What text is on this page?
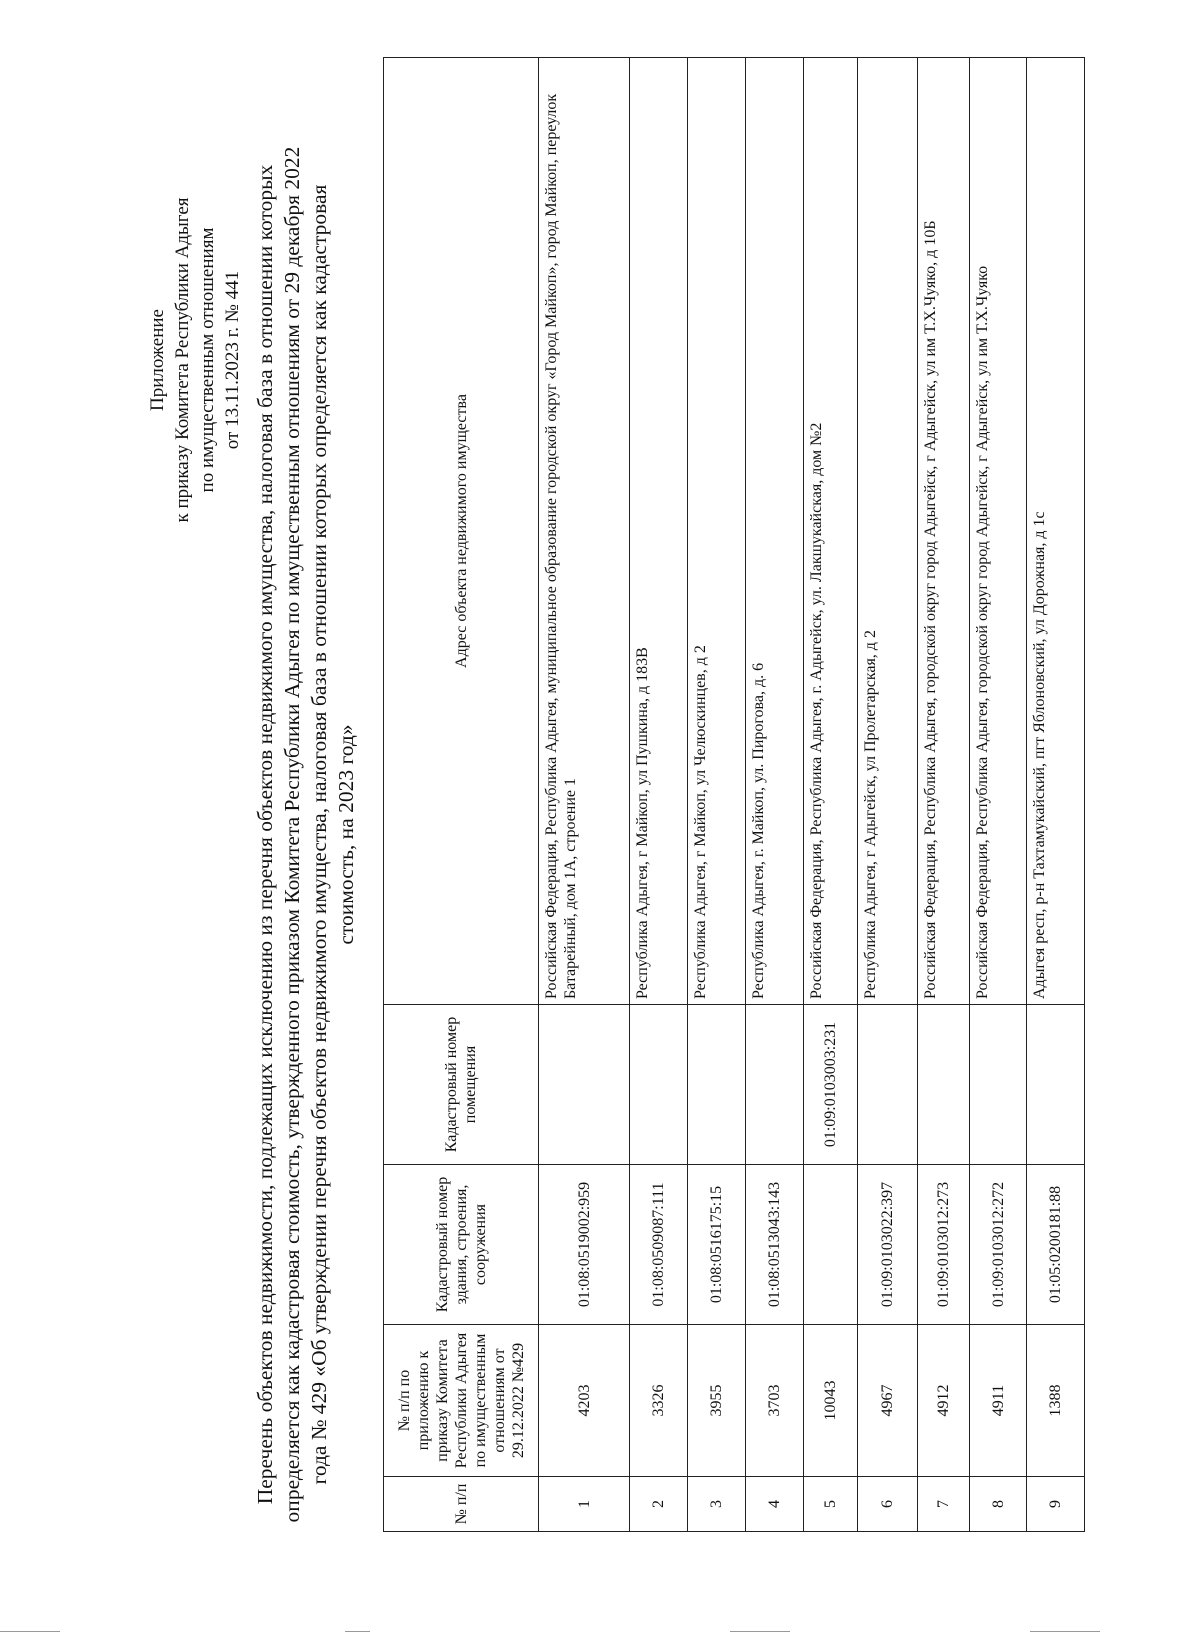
Приложение к приказу Комитета Республики Адыгея по имущественным отношениям от 13.11.2023 г. № 441 Перечень объектов недвижимости, подлежащих исключению из перечня объектов недвижимого имущества, налоговая база в отношении которых определяется как кадастровая стоимость, утвержденного приказом Комитета Республики Адыгея по имущественным отношениям от 29 декабря 2022 года № 429 «Об утверждении перечня объектов недвижимого имущества, налоговая база в отношении которых определяется как кадастровая стоимость, на 2023 год»
№ п/п	№ п/п по приложению к приказу Комитета Республики Адыгея по имущественным отношениям от 29.12.2022 №429	Кадастровый номер здания, строения, сооружения	Кадастровый номер помещения	Адрес объекта недвижимого имущества
1	4203	01:08:0519002:959		Российская Федерация, Республика Адыгея, муниципальное образование городской округ «Город Майкоп», город Майкоп, переулок Батарейный, дом 1А, строение 1
2	3326	01:08:0509087:111		Республика Адыгея, г Майкоп, ул Пушкина, д 183В
3	3955	01:08:0516175:15		Республика Адыгея, г Майкоп, ул Челюскинцев, д 2
4	3703	01:08:0513043:143		Республика Адыгея, г. Майкоп, ул. Пирогова, д. 6
5	10043		01:09:0103003:231	Российская Федерация, Республика Адыгея, г. Адыгейск, ул. Лакшукайская, дом №2
6	4967	01:09:0103022:397		Республика Адыгея, г Адыгейск, ул Пролетарская, д 2
7	4912	01:09:0103012:273		Российская Федерация, Республика Адыгея, городской округ город Адыгейск, г Адыгейск, ул им Т.Х.Чуяко, д 10Б
8	4911	01:09:0103012:272		Российская Федерация, Республика Адыгея, городской округ город Адыгейск, г Адыгейск, ул им Т.Х.Чуяко
9	1388	01:05:0200181:88		Адыгея респ, р-н Тахтамукайский, пгт Яблоновский, ул Дорожная, д 1с
